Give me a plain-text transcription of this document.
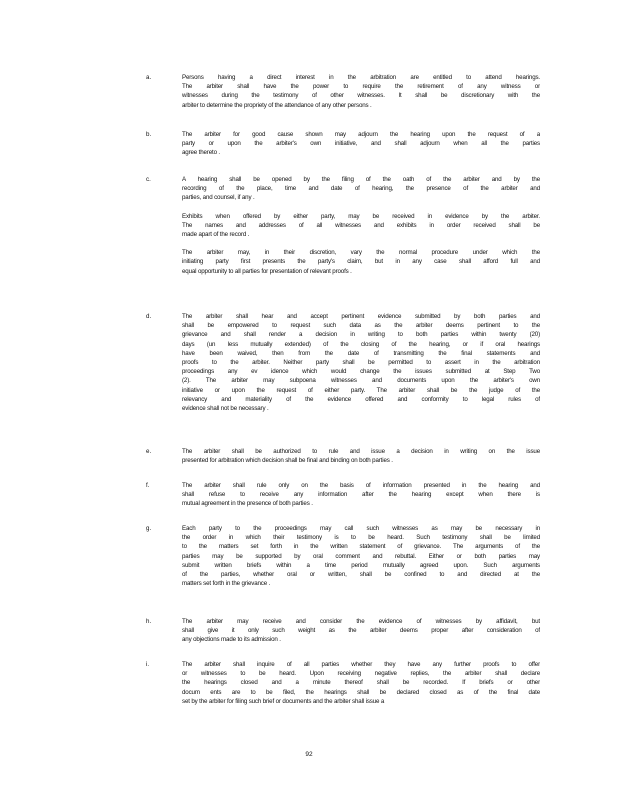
a.	Persons having a direct interest in the arbitration are entitled to attend hearings.
The arbiter shall have the power to require the retirement of any witness or
witnesses during the testimony of other witnesses. It shall be discretionary with the
arbiter to determine the propriety of the attendance of any other persons .
b.	The arbiter for good cause shown may adjourn the hearing upon the request of a
party or upon the arbiter's own initiative, and shall adjourn when all the parties
agree thereto .
c.	A hearing shall be opened by the filing of the oath of the arbiter and by the
recording of the place, time and date of hearing, the presence of the arbiter and
parties, and counsel, if any .
Exhibits when offered by either party, may be received in evidence by the arbiter.
The names and addresses of all witnesses and exhibits in order received shall be
made apart of the record .
The arbiter may, in their discretion, vary the normal procedure under which the
initiating party first presents the party's claim, but in any case shall afford full and
equal opportunity to all parties for presentation of relevant proofs .
d.	The arbiter shall hear and accept pertinent evidence submitted by both parties and
shall be empowered to request such data as the arbiter deems pertinent to the
grievance and shall render a decision in writing to both parties within twenty (20)
days (un less mutually extended) of the closing of the hearing, or if oral hearings
have been waived, then from the date of transmitting the final statements and
proofs to the arbiter. Neither party shall be permitted to assert in the arbitration
proceedings any ev idence which would change the issues submitted at Step Two
(2). The arbiter may subpoena witnesses and documents upon the arbiter's own
initiative or upon the request of either party. The arbiter shall be the judge of the
relevancy and materiality of the evidence offered and conformity to legal rules of
evidence shall not be necessary .
e.	The arbiter shall be authorized to rule and issue a decision in writing on the issue
presented for arbitration which decision shall be final and binding on both parties .
f.	The arbiter shall rule only on the basis of information presented in the hearing and
shall refuse to receive any information after the hearing except when there is
mutual agreement in the presence of both parties .
g.	Each party to the proceedings may call such witnesses as may be necessary in
the order in which their testimony is to be heard. Such testimony shall be limited
to the matters set forth in the written statement of grievance. The arguments of the
parties may be supported by oral comment and rebuttal. Either or both parties may
submit written briefs within a time period mutually agreed upon. Such arguments
of the parties, whether oral or written, shall be confined to and directed at the
matters set forth in the grievance .
h.	The arbiter may receive and consider the evidence of witnesses by affidavit, but
shall give it only such weight as the arbiter deems proper after consideration of
any objections made to its admission .
i.	The arbiter shall inquire of all parties whether they have any further proofs to offer
or witnesses to be heard. Upon receiving negative replies, the arbiter shall declare
the hearings closed and a minute thereof shall be recorded. If briefs or other
docum ents are to be filed, the hearings shall be declared closed as of the final date
set by the arbiter for filing such brief or documents and the arbiter shall issue a
92
